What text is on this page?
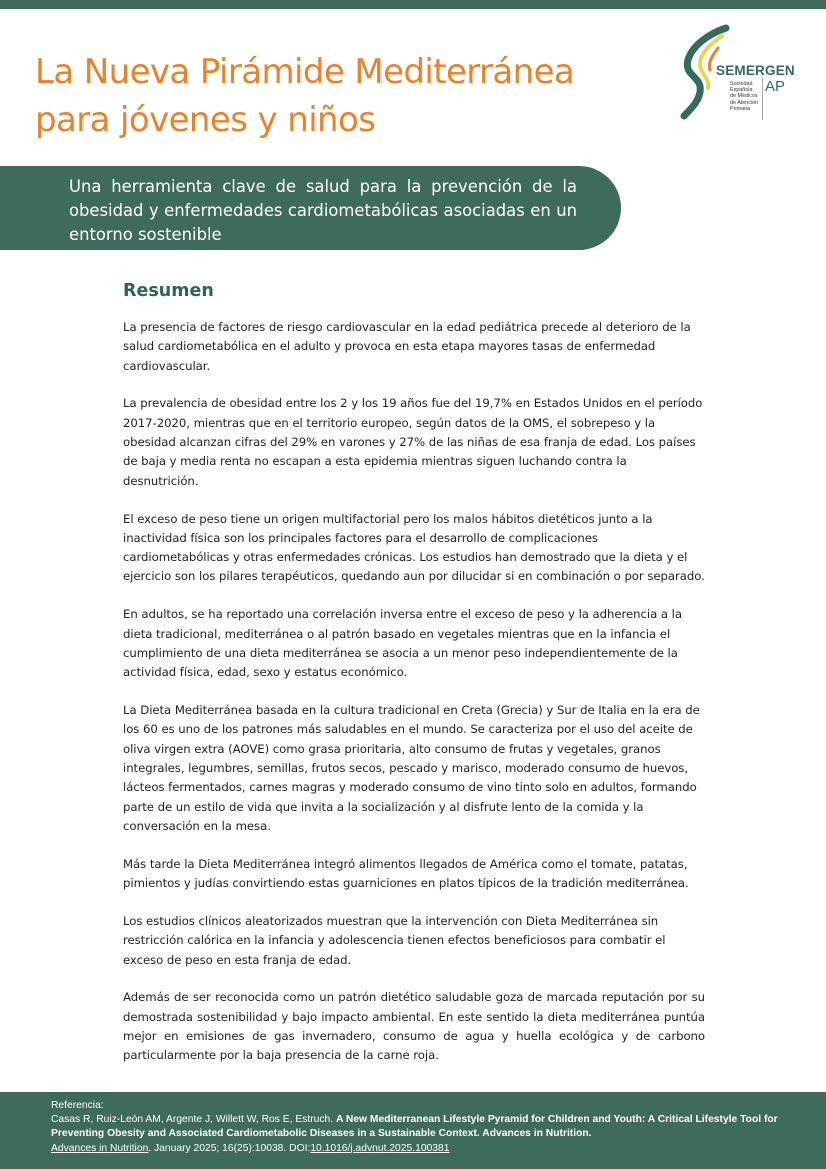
La Nueva Pirámide Mediterránea
para jóvenes y niños
SEMERGEN
Sociedad
Española
de Médicos
de Atención
Primaria
AP

Una herramienta clave de salud para la prevención de la obesidad y enfermedades cardiometabólicas asociadas en un entorno sostenible

Resumen

La presencia de factores de riesgo cardiovascular en la edad pediátrica precede al deterioro de la salud cardiometabólica en el adulto y provoca en esta etapa mayores tasas de enfermedad cardiovascular.

La prevalencia de obesidad entre los 2 y los 19 años fue del 19,7% en Estados Unidos en el período 2017-2020, mientras que en el territorio europeo, según datos de la OMS, el sobrepeso y la obesidad alcanzan cifras del 29% en varones y 27% de las niñas de esa franja de edad. Los países de baja y media renta no escapan a esta epidemia mientras siguen luchando contra la desnutrición.

El exceso de peso tiene un origen multifactorial pero los malos hábitos dietéticos junto a la inactividad física son los principales factores para el desarrollo de complicaciones cardiometabólicas y otras enfermedades crónicas. Los estudios han demostrado que la dieta y el ejercicio son los pilares terapéuticos, quedando aun por dilucidar si en combinación o por separado.

En adultos, se ha reportado una correlación inversa entre el exceso de peso y la adherencia a la dieta tradicional, mediterránea o al patrón basado en vegetales mientras que en la infancia el cumplimiento de una dieta mediterránea se asocia a un menor peso independientemente de la actividad física, edad, sexo y estatus económico.

La Dieta Mediterránea basada en la cultura tradicional en Creta (Grecia) y Sur de Italia en la era de los 60 es uno de los patrones más saludables en el mundo. Se caracteriza por el uso del aceite de oliva virgen extra (AOVE) como grasa prioritaria, alto consumo de frutas y vegetales, granos integrales, legumbres, semillas, frutos secos, pescado y marisco, moderado consumo de huevos, lácteos fermentados, carnes magras y moderado consumo de vino tinto solo en adultos, formando parte de un estilo de vida que invita a la socialización y al disfrute lento de la comida y la conversación en la mesa.

Más tarde la Dieta Mediterránea integró alimentos llegados de América como el tomate, patatas, pimientos y judías convirtiendo estas guarniciones en platos típicos de la tradición mediterránea.

Los estudios clínicos aleatorizados muestran que la intervención con Dieta Mediterránea sin restricción calórica en la infancia y adolescencia tienen efectos beneficiosos para combatir el exceso de peso en esta franja de edad.

Además de ser reconocida como un patrón dietético saludable goza de marcada reputación por su demostrada sostenibilidad y bajo impacto ambiental. En este sentido la dieta mediterránea puntúa mejor en emisiones de gas invernadero, consumo de agua y huella ecológica y de carbono particularmente por la baja presencia de la carne roja.

Referencia:
Casas R, Ruiz-León AM, Argente J, Willett W, Ros E, Estruch. A New Mediterranean Lifestyle Pyramid for Children and Youth: A Critical Lifestyle Tool for Preventing Obesity and Associated Cardiometabolic Diseases in a Sustainable Context. Advances in Nutrition.
Advances in Nutrition. January 2025; 16(25):10038. DOI:10.1016/j.advnut.2025.100381
